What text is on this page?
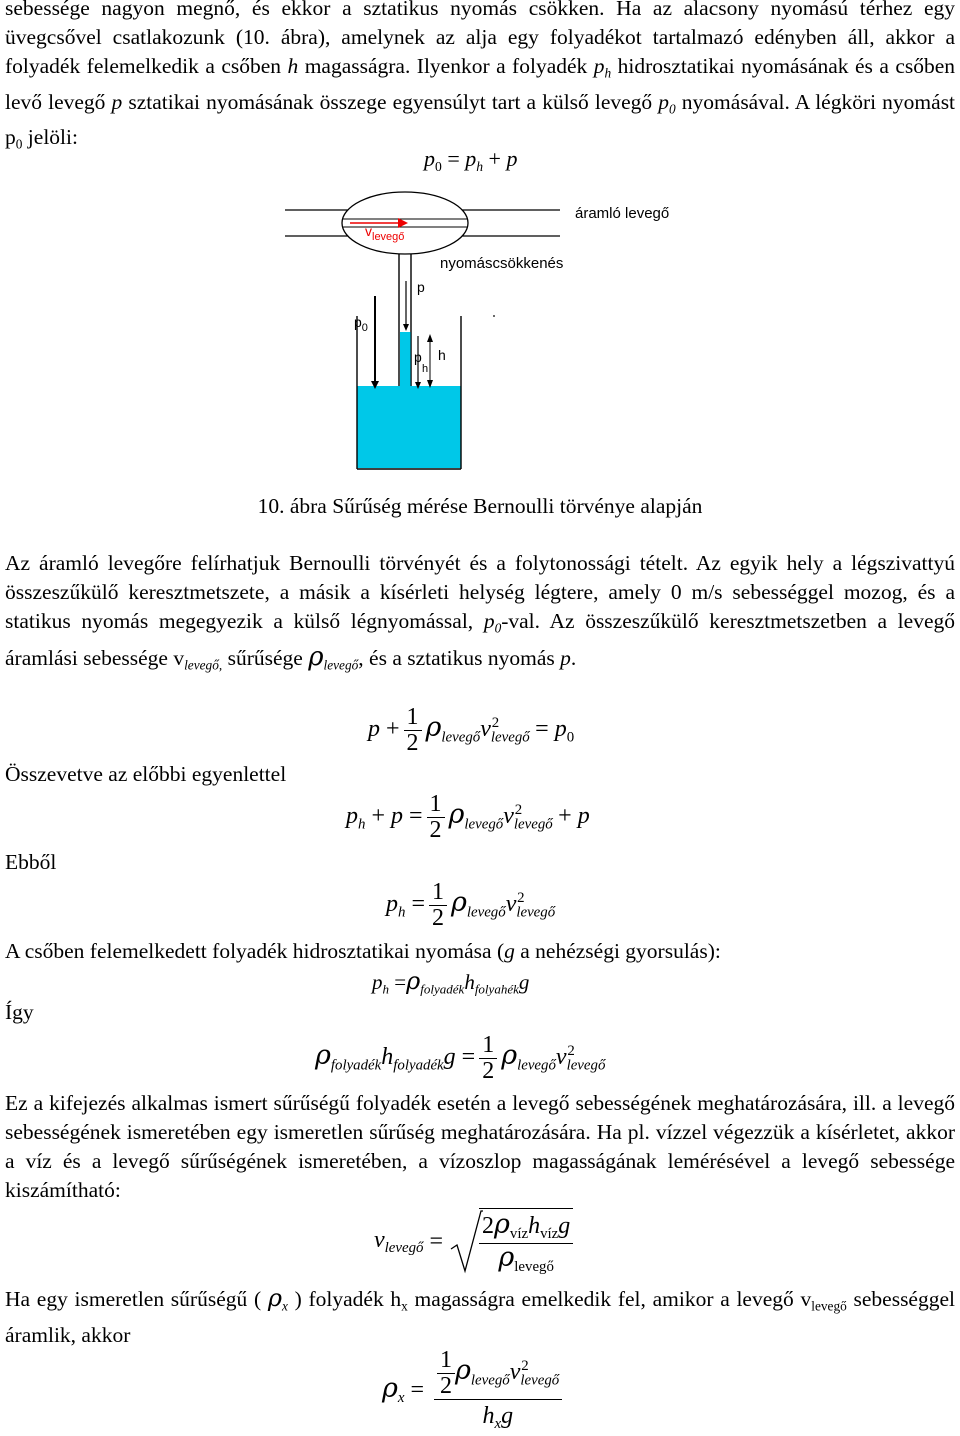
sebessége nagyon megnő, és ekkor a sztatikus nyomás csökken. Ha az alacsony nyomású térhez egy üvegcsővel csatlakozunk (10. ábra), amelynek az alja egy folyadékot tartalmazó edényben áll, akkor a folyadék felemelkedik a csőben h magasságra. Ilyenkor a folyadék $p_h$ hidrosztatikai nyomásának és a csőben levő levegő p sztatikai nyomásának összege egyensúlyt tart a külső levegő $p_0$ nyomásával. A légköri nyomást $p_0$ jelöli:

$p_0 = p_h + p$
áramló levegő
$v_{levegő}$
nyomáscsökkenés
p
$p_0$
ph
h
10. ábra Sűrűség mérése Bernoulli törvénye alapján

Az áramló levegőre felírhatjuk Bernoulli törvényét és a folytonossági tételt. Az egyik hely a légszivattyú összeszűkülő keresztmetszete, a másik a kísérleti helység légtere, amely 0 m/s sebességgel mozog, és a statikus nyomás megegyezik a külső légnyomással, $p_0$-val. Az összeszűkülő keresztmetszetben a levegő áramlási sebessége $v_{levegő,}$ sűrűsége $\rho_{levegő}$, és a sztatikus nyomás p.

$p + \frac{1}{2} \rho_{levegő}v_{levegő}^2 = p_0$
Összevetve az előbbi egyenlettel
$p_h + p = \frac{1}{2} \rho_{levegő}v_{levegő}^2 + p$
Ebből
$p_h = \frac{1}{2} \rho_{levegő}v_{levegő}^2$

A csőben felemelkedett folyadék hidrosztatikai nyomása (g a nehézségi gyorsulás):

$p_h =\rho_{folyadék}h_{folyahék}g$
Így
$\rho_{folyadék}h_{folyadék}g = \frac{1}{2} \rho_{levegő}v_{levegő}^2$

Ez a kifejezés alkalmas ismert sűrűségű folyadék esetén a levegő sebességének meghatározására, ill. a levegő sebességének ismeretében egy ismeretlen sűrűség meghatározására. Ha pl. vízzel végezzük a kísérletet, akkor a víz és a levegő sűrűségének ismeretében, a vízoszlop magasságának lemérésével a levegő sebessége kiszámítható:

$v_{levegő} = \frac{2\rho_{víz}h_{víz}g}{\rho_{levegő}}$

Ha egy ismeretlen sűrűségű ( $\rho_x$ ) folyadék $h_x$ magasságra emelkedik fel, amikor a levegő $v_{levegő}$ sebességgel áramlik, akkor

$\rho_x = \frac{\frac{1}{2} \rho_{levegő}v_{levegő}^2}{h_xg}$
